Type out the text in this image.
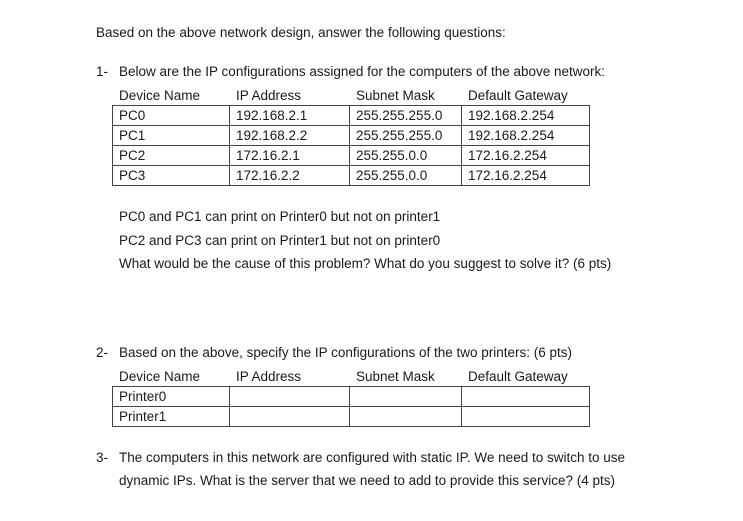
Based on the above network design, answer the following questions:
1- Below are the IP configurations assigned for the computers of the above network:
Device Name	IP Address	Subnet Mask	Default Gateway
PC0	192.168.2.1	255.255.255.0	192.168.2.254
PC1	192.168.2.2	255.255.255.0	192.168.2.254
PC2	172.16.2.1	255.255.0.0	172.16.2.254
PC3	172.16.2.2	255.255.0.0	172.16.2.254
PC0 and PC1 can print on Printer0 but not on printer1
PC2 and PC3 can print on Printer1 but not on printer0
What would be the cause of this problem? What do you suggest to solve it? (6 pts)
2- Based on the above, specify the IP configurations of the two printers: (6 pts)
Device Name	IP Address	Subnet Mask	Default Gateway
Printer0			
Printer1			
3- The computers in this network are configured with static IP. We need to switch to use
dynamic IPs. What is the server that we need to add to provide this service? (4 pts)
